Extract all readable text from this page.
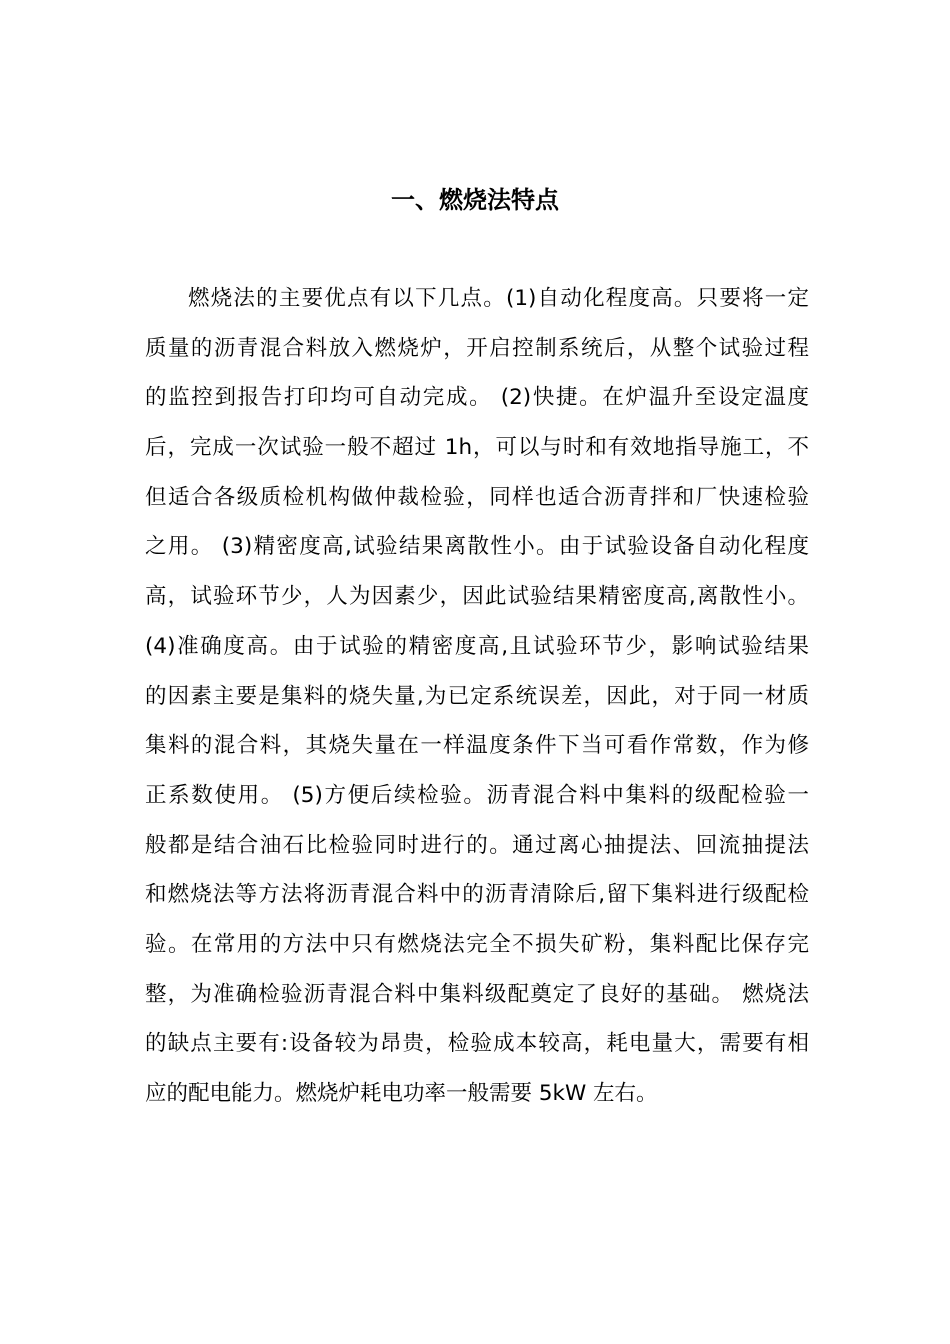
一、燃烧法特点
燃烧法的主要优点有以下几点。(1)自动化程度高。只要将一定
质量的沥青混合料放入燃烧炉，开启控制系统后，从整个试验过程
的监控到报告打印均可自动完成。 (2)快捷。在炉温升至设定温度
后，完成一次试验一般不超过 1h，可以与时和有效地指导施工，不
但适合各级质检机构做仲裁检验，同样也适合沥青拌和厂快速检验
之用。 (3)精密度高,试验结果离散性小。由于试验设备自动化程度
高，试验环节少，人为因素少，因此试验结果精密度高,离散性小。
(4)准确度高。由于试验的精密度高,且试验环节少，影响试验结果
的因素主要是集料的烧失量,为已定系统误差，因此，对于同一材质
集料的混合料，其烧失量在一样温度条件下当可看作常数，作为修
正系数使用。 (5)方便后续检验。沥青混合料中集料的级配检验一
般都是结合油石比检验同时进行的。通过离心抽提法、回流抽提法
和燃烧法等方法将沥青混合料中的沥青清除后,留下集料进行级配检
验。在常用的方法中只有燃烧法完全不损失矿粉，集料配比保存完
整，为准确检验沥青混合料中集料级配奠定了良好的基础。 燃烧法
的缺点主要有:设备较为昂贵，检验成本较高，耗电量大，需要有相
应的配电能力。燃烧炉耗电功率一般需要 5kW 左右。
